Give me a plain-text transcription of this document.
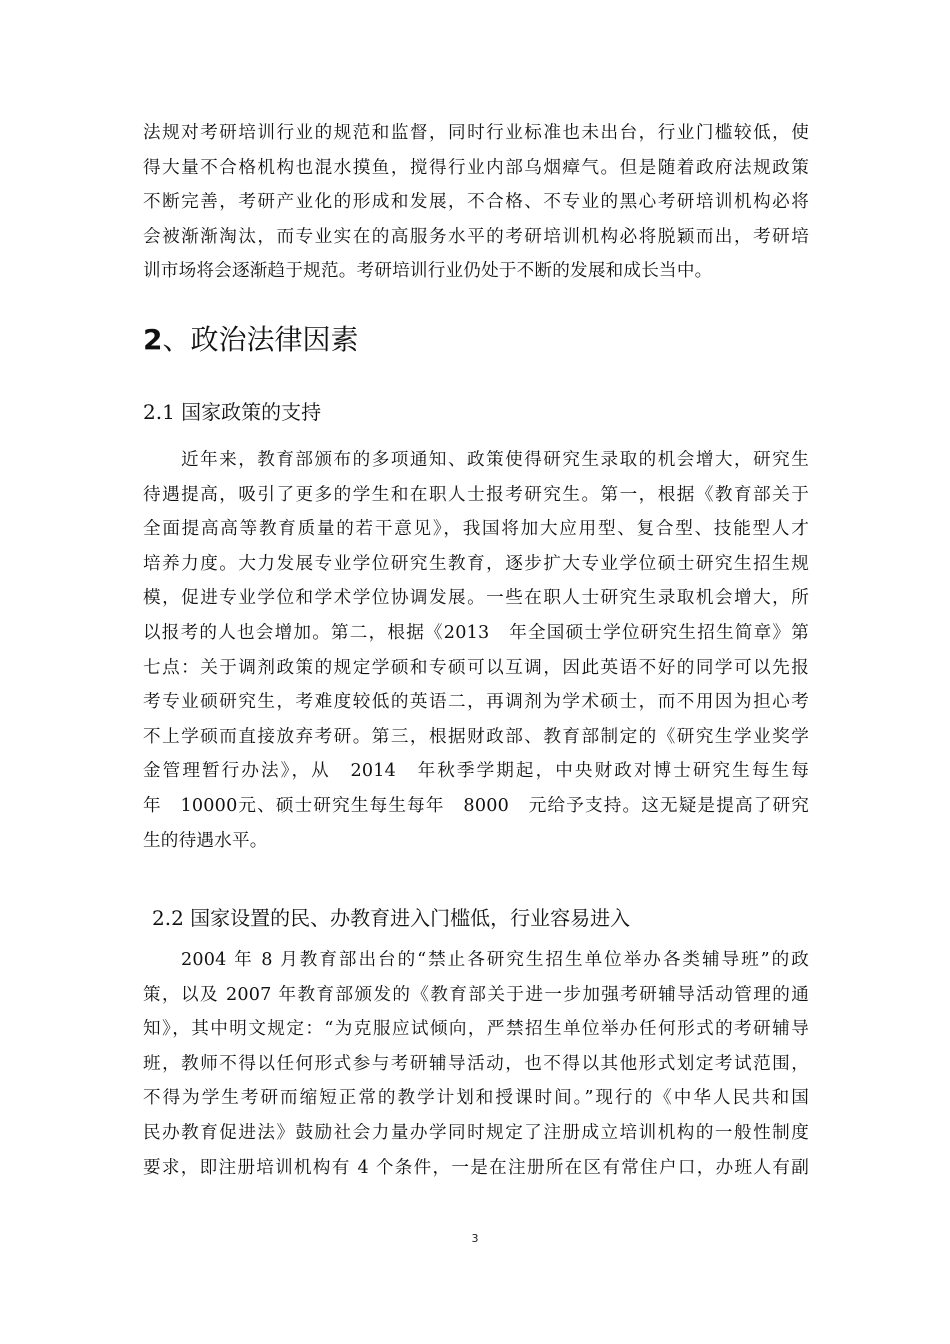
法规对考研培训行业的规范和监督，同时行业标准也未出台，行业门槛较低，使
得大量不合格机构也混水摸鱼，搅得行业内部乌烟瘴气。但是随着政府法规政策
不断完善，考研产业化的形成和发展，不合格、不专业的黑心考研培训机构必将
会被渐渐淘汰，而专业实在的高服务水平的考研培训机构必将脱颖而出，考研培
训市场将会逐渐趋于规范。考研培训行业仍处于不断的发展和成长当中。
2、政治法律因素
2.1 国家政策的支持
近年来，教育部颁布的多项通知、政策使得研究生录取的机会增大，研究生
待遇提高，吸引了更多的学生和在职人士报考研究生。第一，根据《教育部关于
全面提高高等教育质量的若干意见》，我国将加大应用型、复合型、技能型人才
培养力度。大力发展专业学位研究生教育，逐步扩大专业学位硕士研究生招生规
模，促进专业学位和学术学位协调发展。一些在职人士研究生录取机会增大，所
以报考的人也会增加。第二，根据《2013　年全国硕士学位研究生招生简章》第
七点：关于调剂政策的规定学硕和专硕可以互调，因此英语不好的同学可以先报
考专业硕研究生，考难度较低的英语二，再调剂为学术硕士，而不用因为担心考
不上学硕而直接放弃考研。第三，根据财政部、教育部制定的《研究生学业奖学
金管理暂行办法》，从　2014　年秋季学期起，中央财政对博士研究生每生每
年　10000元、硕士研究生每生每年　8000　元给予支持。这无疑是提高了研究
生的待遇水平。
2.2 国家设置的民、办教育进入门槛低，行业容易进入
2004 年 8 月教育部出台的“禁止各研究生招生单位举办各类辅导班”的政
策，以及 2007 年教育部颁发的《教育部关于进一步加强考研辅导活动管理的通
知》，其中明文规定：“为克服应试倾向，严禁招生单位举办任何形式的考研辅导
班，教师不得以任何形式参与考研辅导活动，也不得以其他形式划定考试范围，
不得为学生考研而缩短正常的教学计划和授课时间。”现行的《中华人民共和国
民办教育促进法》鼓励社会力量办学同时规定了注册成立培训机构的一般性制度
要求，即注册培训机构有 4 个条件，一是在注册所在区有常住户口，办班人有副
3
